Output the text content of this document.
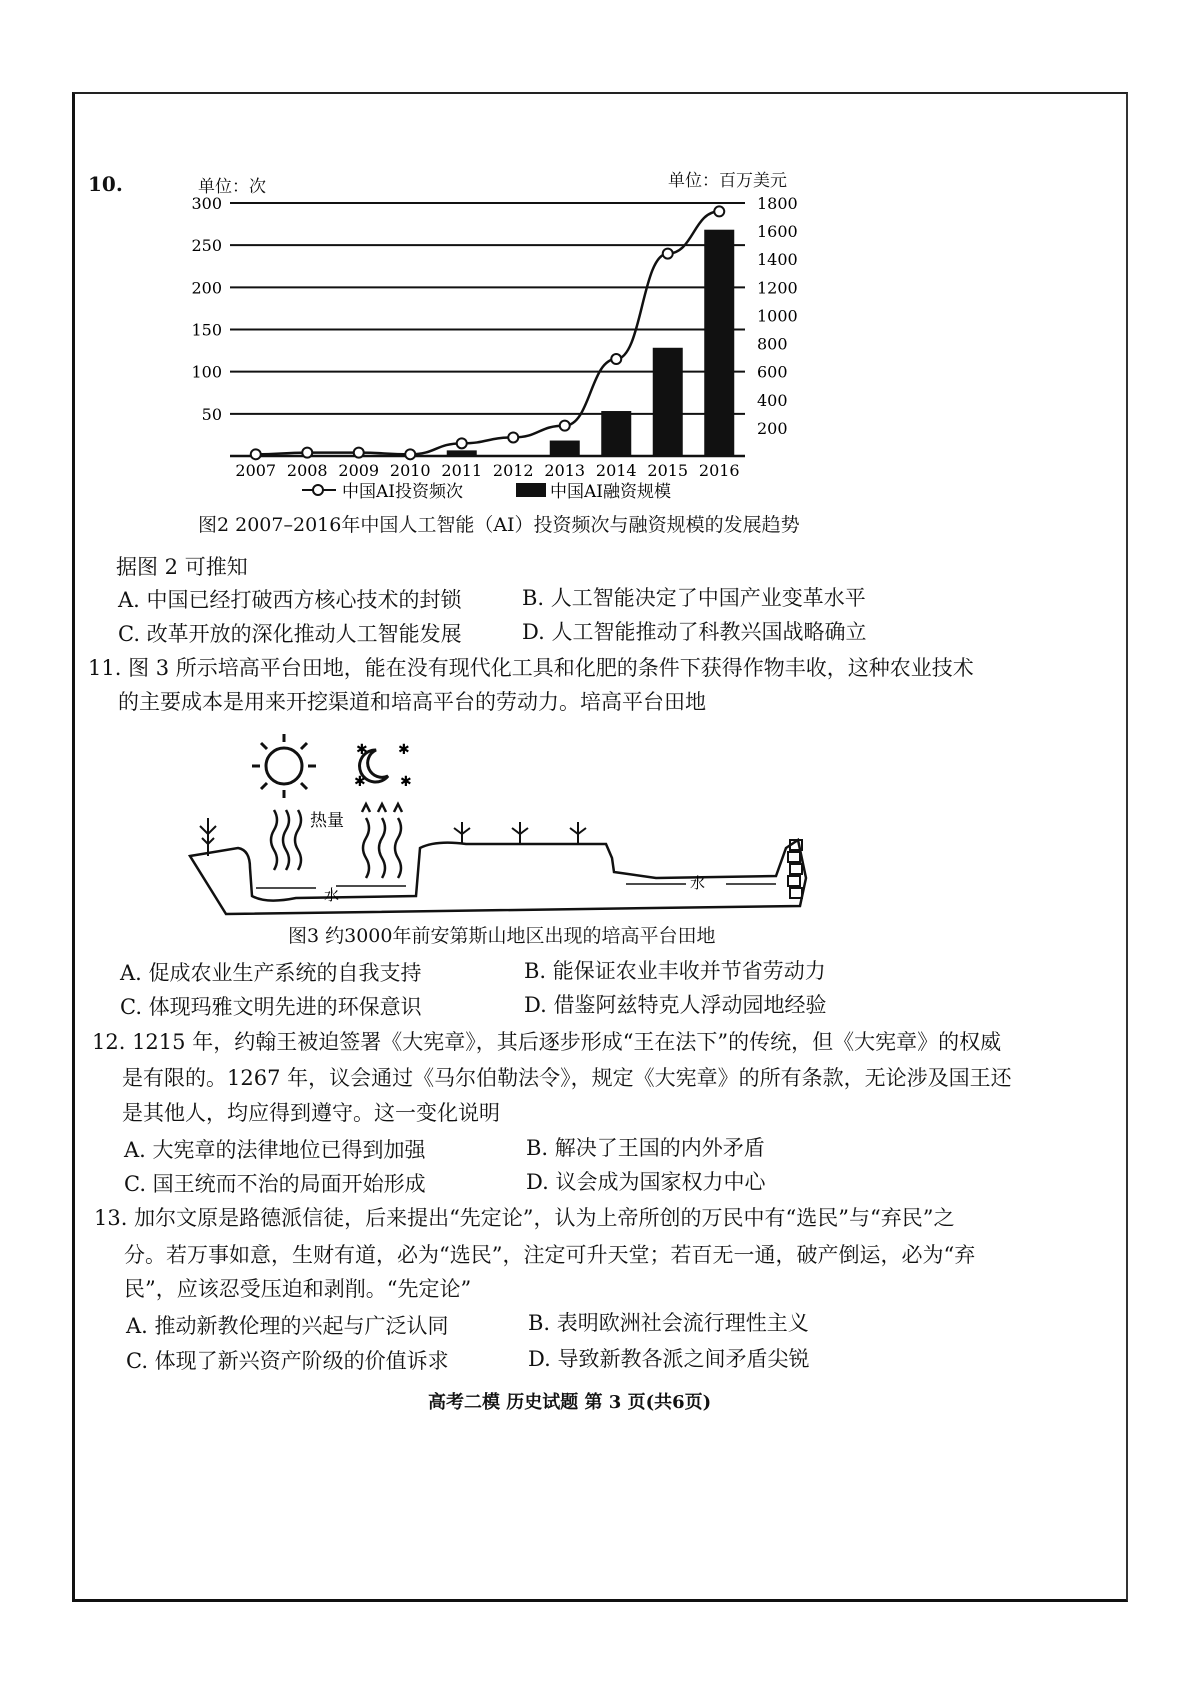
10.	单位：次	单位：百万美元
50
100
150
200
250
300
200
400
600
800
1000
1200
1400
1600
1800
2007 2008 2009 2010 2011 2012 2013 2014 2015 2016
中国AI投资频次	中国AI融资规模
图2 2007–2016年中国人工智能（AI）投资频次与融资规模的发展趋势
据图 2 可推知
A. 中国已经打破西方核心技术的封锁	B. 人工智能决定了中国产业变革水平
C. 改革开放的深化推动人工智能发展	D. 人工智能推动了科教兴国战略确立
11. 图 3 所示培高平台田地，能在没有现代化工具和化肥的条件下获得作物丰收，这种农业技术
的主要成本是用来开挖渠道和培高平台的劳动力。培高平台田地
✱ ✱
✱ ✱
热量
水
水
图3 约3000年前安第斯山地区出现的培高平台田地
A. 促成农业生产系统的自我支持	B. 能保证农业丰收并节省劳动力
C. 体现玛雅文明先进的环保意识	D. 借鉴阿兹特克人浮动园地经验
12. 1215 年，约翰王被迫签署《大宪章》，其后逐步形成“王在法下”的传统，但《大宪章》的权威
是有限的。1267 年，议会通过《马尔伯勒法令》，规定《大宪章》的所有条款，无论涉及国王还
是其他人，均应得到遵守。这一变化说明
A. 大宪章的法律地位已得到加强	B. 解决了王国的内外矛盾
C. 国王统而不治的局面开始形成	D. 议会成为国家权力中心
13. 加尔文原是路德派信徒，后来提出“先定论”，认为上帝所创的万民中有“选民”与“弃民”之
分。若万事如意，生财有道，必为“选民”，注定可升天堂；若百无一通，破产倒运，必为“弃
民”，应该忍受压迫和剥削。“先定论”
A. 推动新教伦理的兴起与广泛认同	B. 表明欧洲社会流行理性主义
C. 体现了新兴资产阶级的价值诉求	D. 导致新教各派之间矛盾尖锐
高考二模 历史试题 第 3 页(共6页)
